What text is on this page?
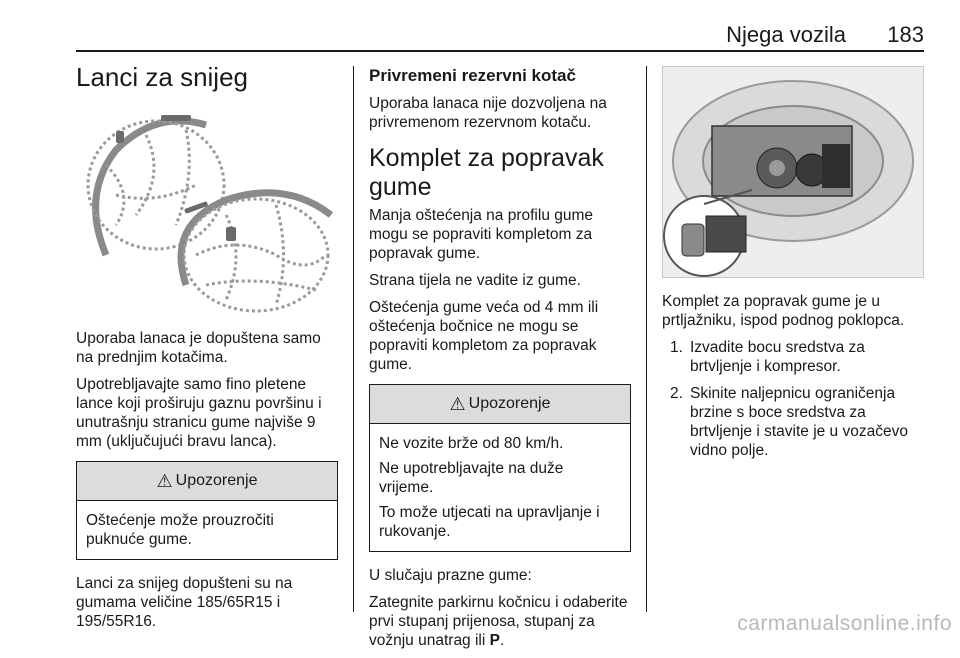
Njega vozila 183
Lanci za snijeg

Uporaba lanaca je dopuštena samo na prednjim kotačima.

Upotrebljavajte samo fino pletene lance koji proširuju gaznu površinu i unutrašnju stranicu gume najviše 9 mm (uključujući bravu lanca).

⚠ Upozorenje

Oštećenje može prouzročiti puknuće gume.

Lanci za snijeg dopušteni su na gumama veličine 185/65R15 i 195/55R16.

Privremeni rezervni kotač

Uporaba lanaca nije dozvoljena na privremenom rezervnom kotaču.

Komplet za popravak gume

Manja oštećenja na profilu gume mogu se popraviti kompletom za popravak gume.

Strana tijela ne vadite iz gume.

Oštećenja gume veća od 4 mm ili oštećenja bočnice ne mogu se popraviti kompletom za popravak gume.

⚠ Upozorenje

Ne vozite brže od 80 km/h.

Ne upotrebljavajte na duže vrijeme.

To može utjecati na upravljanje i rukovanje.

U slučaju prazne gume:

Zategnite parkirnu kočnicu i odaberite prvi stupanj prijenosa, stupanj za vožnju unatrag ili P.

Komplet za popravak gume je u prtljažniku, ispod podnog poklopca.

1. Izvadite bocu sredstva za brtvljenje i kompresor.
2. Skinite naljepnicu ograničenja brzine s boce sredstva za brtvljenje i stavite je u vozačevo vidno polje.
carmanualsonline.info
